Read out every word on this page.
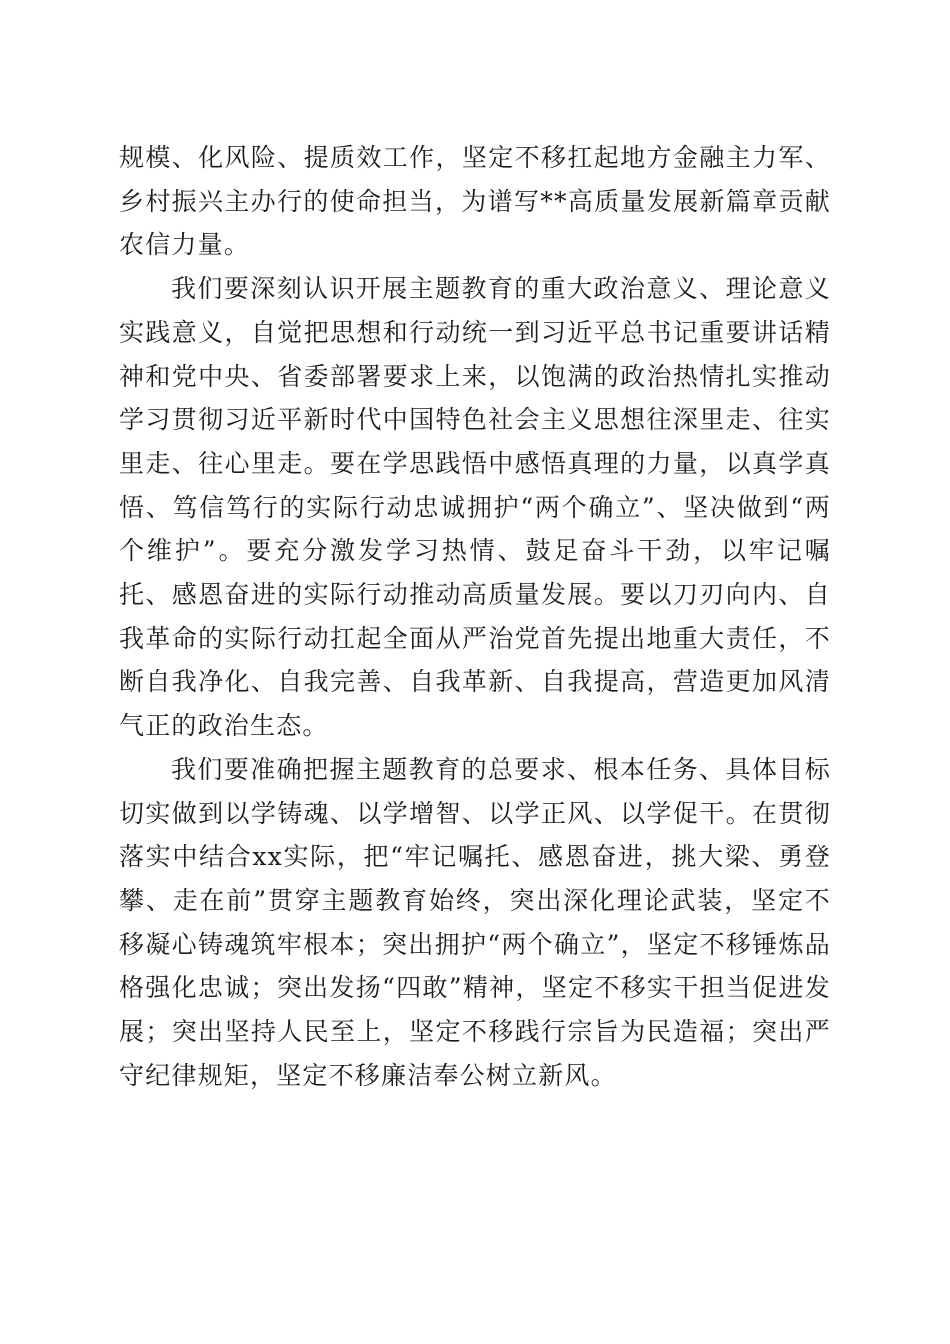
规模、化风险、提质效工作，坚定不移扛起地方金融主力军、乡村振兴主办行的使命担当，为谱写**高质量发展新篇章贡献农信力量。

我们要深刻认识开展主题教育的重大政治意义、理论意义实践意义，自觉把思想和行动统一到习近平总书记重要讲话精神和党中央、省委部署要求上来，以饱满的政治热情扎实推动学习贯彻习近平新时代中国特色社会主义思想往深里走、往实里走、往心里走。要在学思践悟中感悟真理的力量，以真学真悟、笃信笃行的实际行动忠诚拥护“两个确立”、坚决做到“两个维护”。要充分激发学习热情、鼓足奋斗干劲，以牢记嘱托、感恩奋进的实际行动推动高质量发展。要以刀刃向内、自我革命的实际行动扛起全面从严治党首先提出地重大责任，不断自我净化、自我完善、自我革新、自我提高，营造更加风清气正的政治生态。

我们要准确把握主题教育的总要求、根本任务、具体目标切实做到以学铸魂、以学增智、以学正风、以学促干。在贯彻落实中结合xx实际，把“牢记嘱托、感恩奋进，挑大梁、勇登攀、走在前”贯穿主题教育始终，突出深化理论武装，坚定不移凝心铸魂筑牢根本；突出拥护“两个确立”，坚定不移锤炼品格强化忠诚；突出发扬“四敢”精神，坚定不移实干担当促进发展；突出坚持人民至上，坚定不移践行宗旨为民造福；突出严守纪律规矩，坚定不移廉洁奉公树立新风。
